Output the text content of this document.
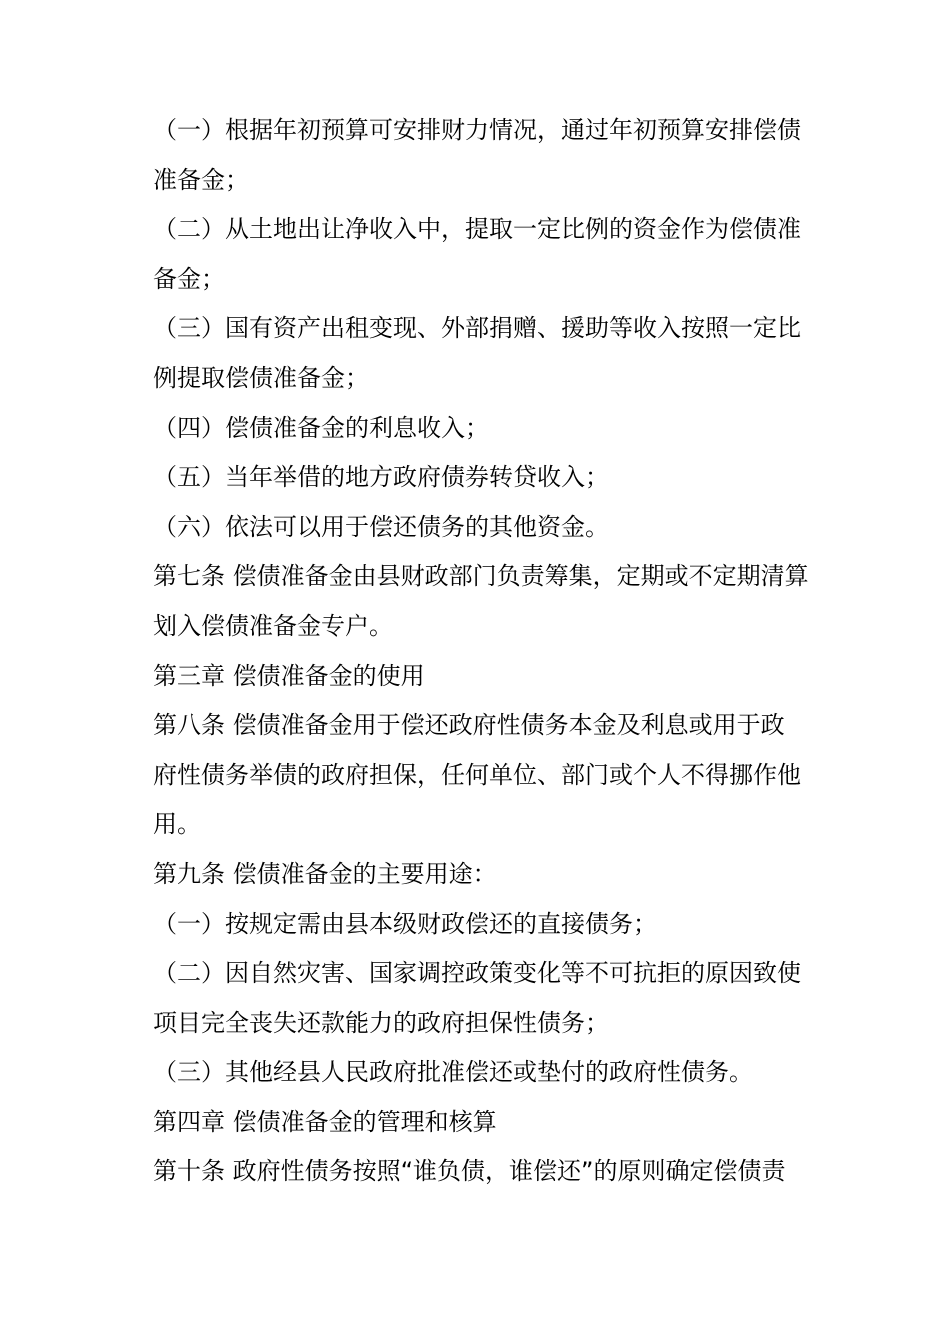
（一）根据年初预算可安排财力情况，通过年初预算安排偿债
准备金；
（二）从土地出让净收入中，提取一定比例的资金作为偿债准
备金；
（三）国有资产出租变现、外部捐赠、援助等收入按照一定比
例提取偿债准备金；
（四）偿债准备金的利息收入；
（五）当年举借的地方政府债券转贷收入；
（六）依法可以用于偿还债务的其他资金。
第七条 偿债准备金由县财政部门负责筹集，定期或不定期清算
划入偿债准备金专户。
第三章 偿债准备金的使用
第八条 偿债准备金用于偿还政府性债务本金及利息或用于政
府性债务举债的政府担保，任何单位、部门或个人不得挪作他
用。
第九条 偿债准备金的主要用途：
（一）按规定需由县本级财政偿还的直接债务；
（二）因自然灾害、国家调控政策变化等不可抗拒的原因致使
项目完全丧失还款能力的政府担保性债务；
（三）其他经县人民政府批准偿还或垫付的政府性债务。
第四章 偿债准备金的管理和核算
第十条 政府性债务按照“谁负债，谁偿还”的原则确定偿债责
